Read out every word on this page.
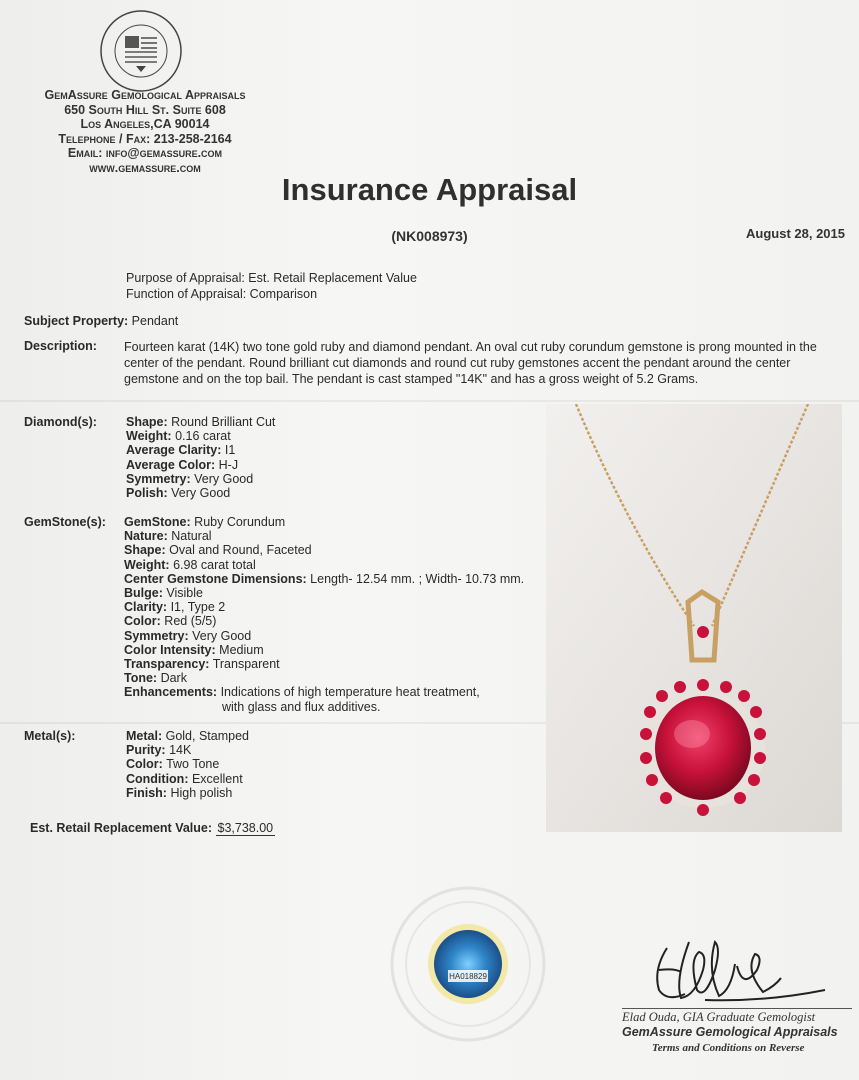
GemAssure Gemological Appraisals
650 South Hill St. Suite 608
Los Angeles,CA 90014
Telephone / Fax: 213-258-2164
Email: info@gemassure.com
www.gemassure.com
Insurance Appraisal
(NK008973)	August 28, 2015
Purpose of Appraisal: Est. Retail Replacement Value
Function of Appraisal: Comparison
Subject Property: Pendant
Description: Fourteen karat (14K) two tone gold ruby and diamond pendant. An oval cut ruby corundum gemstone is prong mounted in the center of the pendant. Round brilliant cut diamonds and round cut ruby gemstones accent the pendant around the center gemstone and on the top bail. The pendant is cast stamped "14K" and has a gross weight of 5.2 Grams.
Diamond(s): Shape: Round Brilliant Cut
Weight: 0.16 carat
Average Clarity: I1
Average Color: H-J
Symmetry: Very Good
Polish: Very Good
GemStone(s): GemStone: Ruby Corundum
Nature: Natural
Shape: Oval and Round, Faceted
Weight: 6.98 carat total
Center Gemstone Dimensions: Length- 12.54 mm. ; Width- 10.73 mm.
Bulge: Visible
Clarity: I1, Type 2
Color: Red (5/5)
Symmetry: Very Good
Color Intensity: Medium
Transparency: Transparent
Tone: Dark
Enhancements: Indications of high temperature heat treatment,
with glass and flux additives.
Metal(s):	Metal: Gold, Stamped
Purity: 14K
Color: Two Tone
Condition: Excellent
Finish: High polish
Est. Retail Replacement Value: $3,738.00
HA018829
Elad Ouda, GIA Graduate Gemologist
GemAssure Gemological Appraisals
Terms and Conditions on Reverse
